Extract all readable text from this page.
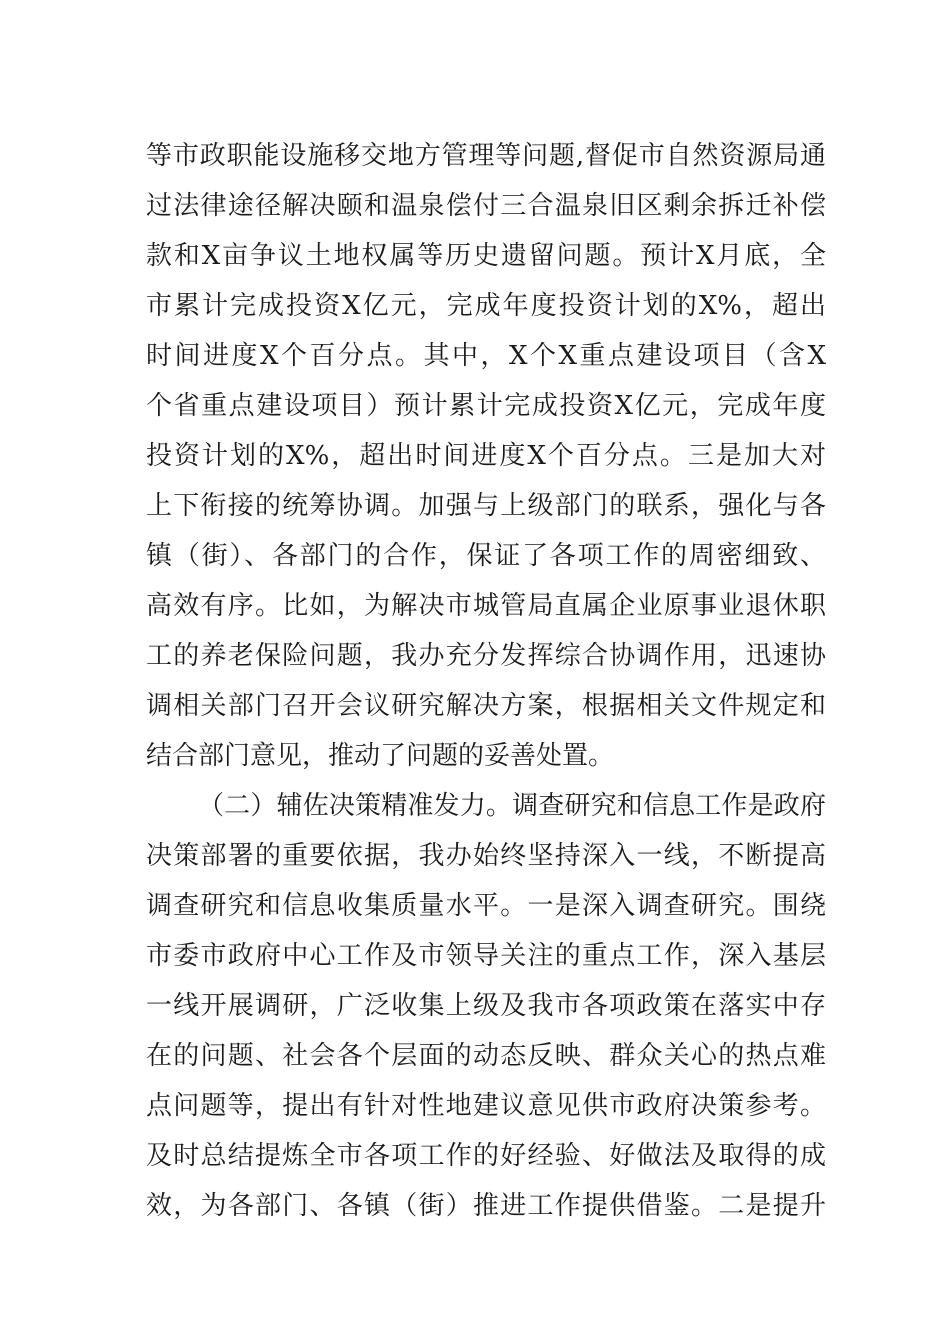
等市政职能设施移交地方管理等问题,督促市自然资源局通
过法律途径解决颐和温泉偿付三合温泉旧区剩余拆迁补偿
款和X亩争议土地权属等历史遗留问题。预计X月底，全
市累计完成投资X亿元，完成年度投资计划的X%，超出
时间进度X个百分点。其中，X个X重点建设项目（含X
个省重点建设项目）预计累计完成投资X亿元，完成年度
投资计划的X%，超出时间进度X个百分点。三是加大对
上下衔接的统筹协调。加强与上级部门的联系，强化与各
镇（街）、各部门的合作，保证了各项工作的周密细致、
高效有序。比如，为解决市城管局直属企业原事业退休职
工的养老保险问题，我办充分发挥综合协调作用，迅速协
调相关部门召开会议研究解决方案，根据相关文件规定和
结合部门意见，推动了问题的妥善处置。
（二）辅佐决策精准发力。调查研究和信息工作是政府
决策部署的重要依据，我办始终坚持深入一线，不断提高
调查研究和信息收集质量水平。一是深入调查研究。围绕
市委市政府中心工作及市领导关注的重点工作，深入基层
一线开展调研，广泛收集上级及我市各项政策在落实中存
在的问题、社会各个层面的动态反映、群众关心的热点难
点问题等，提出有针对性地建议意见供市政府决策参考。
及时总结提炼全市各项工作的好经验、好做法及取得的成
效，为各部门、各镇（街）推进工作提供借鉴。二是提升
